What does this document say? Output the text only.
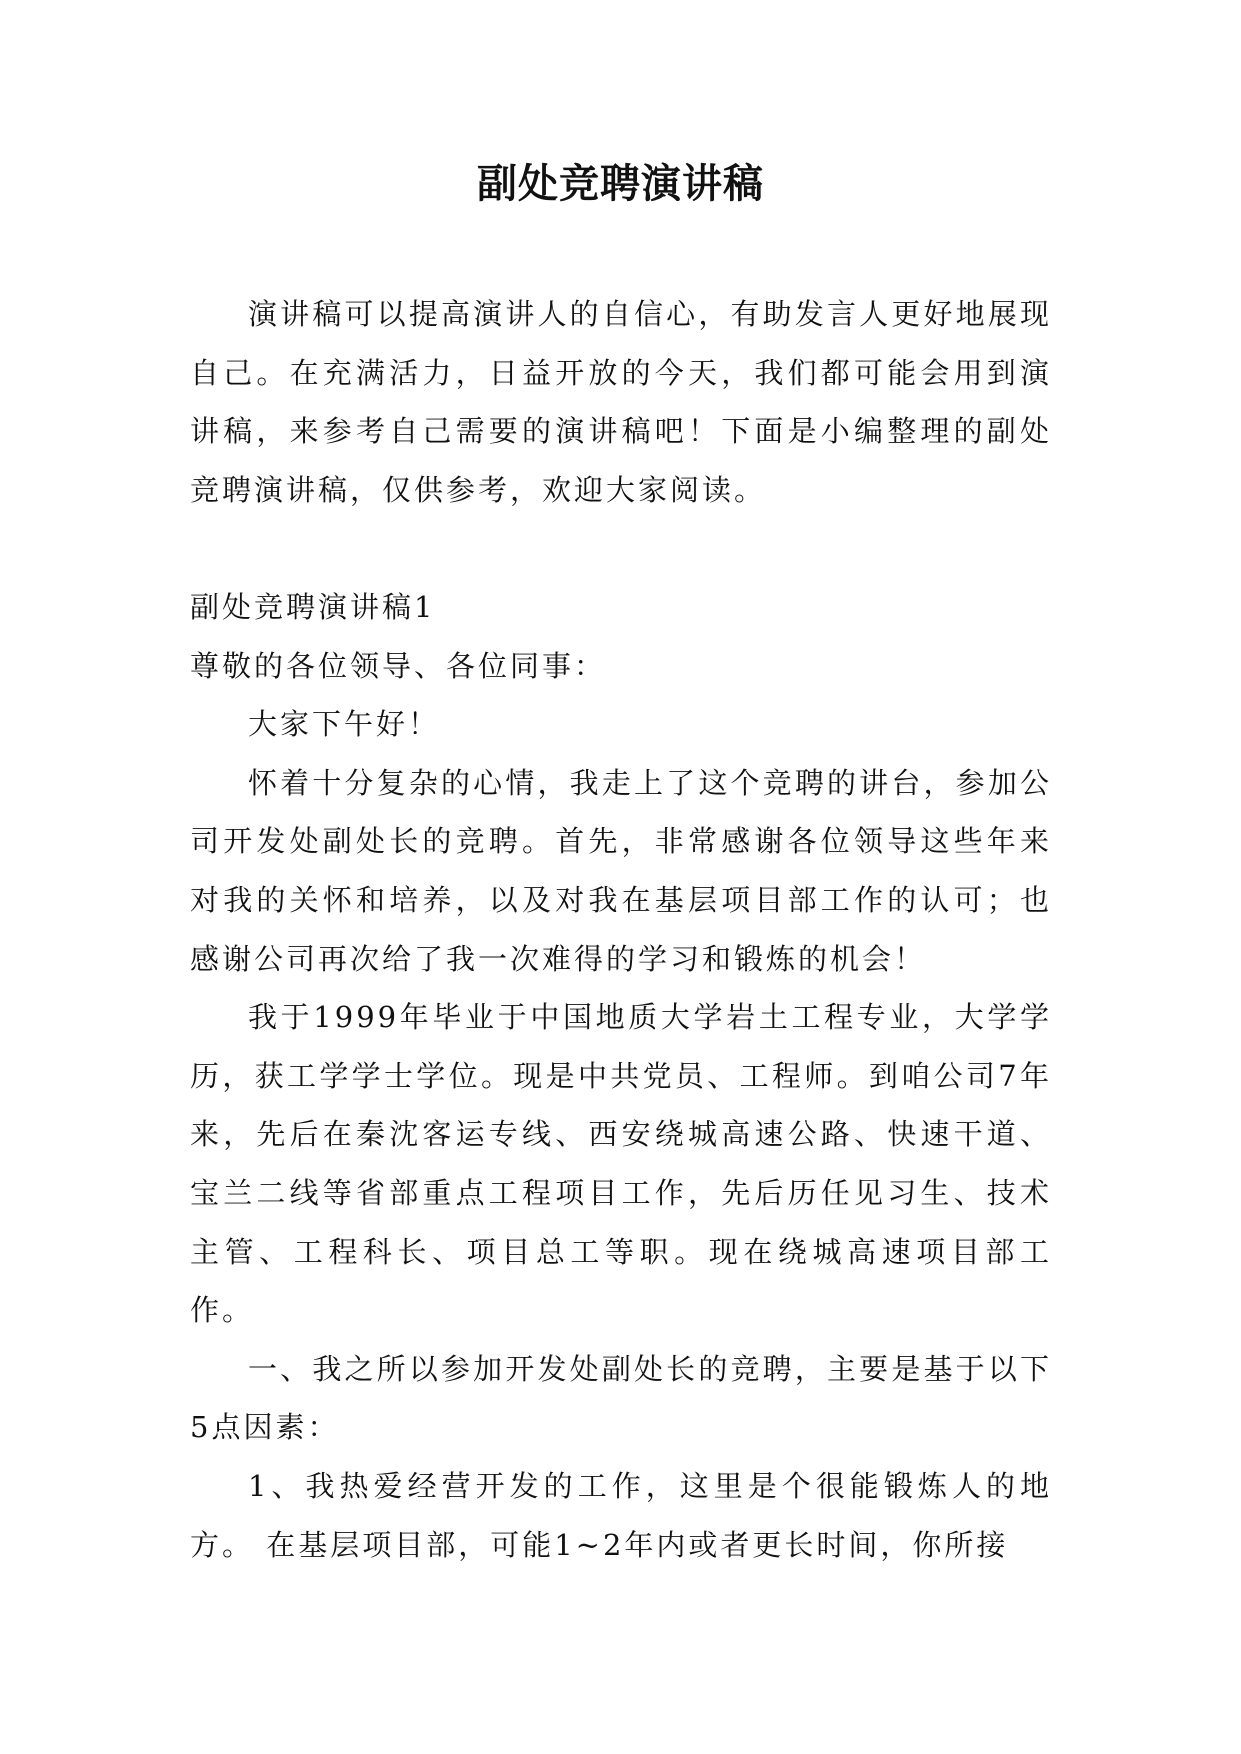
副处竞聘演讲稿

演讲稿可以提高演讲人的自信心，有助发言人更好地展现自己。在充满活力，日益开放的今天，我们都可能会用到演讲稿，来参考自己需要的演讲稿吧！下面是小编整理的副处竞聘演讲稿，仅供参考，欢迎大家阅读。

副处竞聘演讲稿1

尊敬的各位领导、各位同事：

大家下午好！

怀着十分复杂的心情，我走上了这个竞聘的讲台，参加公司开发处副处长的竞聘。首先，非常感谢各位领导这些年来对我的关怀和培养，以及对我在基层项目部工作的认可；也感谢公司再次给了我一次难得的学习和锻炼的机会！

我于1999年毕业于中国地质大学岩土工程专业，大学学历，获工学学士学位。现是中共党员、工程师。到咱公司7年来，先后在秦沈客运专线、西安绕城高速公路、快速干道、宝兰二线等省部重点工程项目工作，先后历任见习生、技术主管、工程科长、项目总工等职。现在绕城高速项目部工作。

一、我之所以参加开发处副处长的竞聘，主要是基于以下5点因素：

1、我热爱经营开发的工作，这里是个很能锻炼人的地方。 在基层项目部，可能1~2年内或者更长时间，你所接
